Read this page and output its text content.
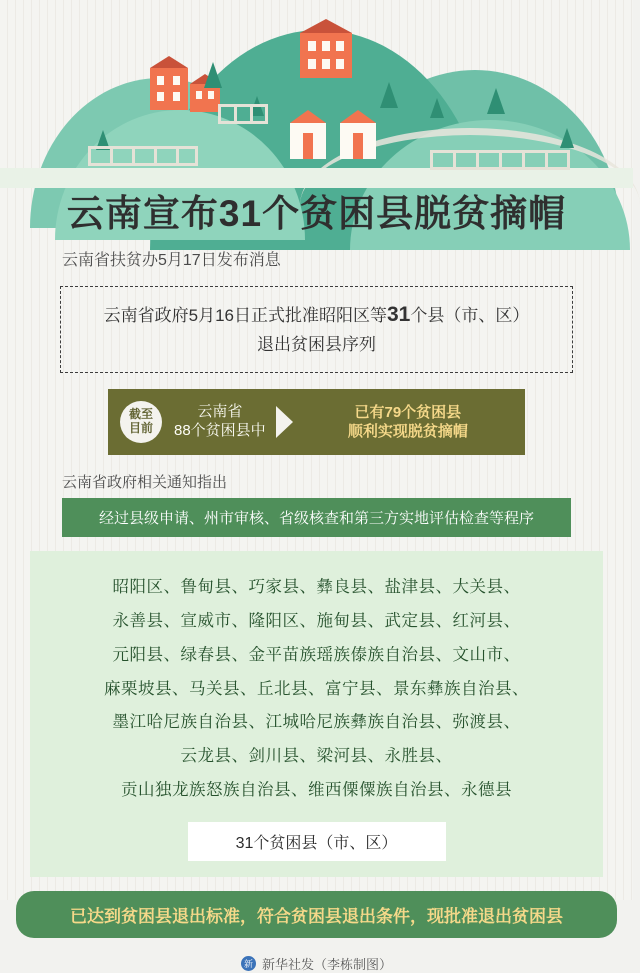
云南宣布31个贫困县脱贫摘帽
云南省扶贫办5月17日发布消息
云南省政府5月16日正式批准昭阳区等31个县（市、区）
退出贫困县序列
截至
目前
云南省
88个贫困县中
已有79个贫困县
顺利实现脱贫摘帽
云南省政府相关通知指出
经过县级申请、州市审核、省级核查和第三方实地评估检查等程序
昭阳区、鲁甸县、巧家县、彝良县、盐津县、大关县、
永善县、宣威市、隆阳区、施甸县、武定县、红河县、
元阳县、绿春县、金平苗族瑶族傣族自治县、文山市、
麻栗坡县、马关县、丘北县、富宁县、景东彝族自治县、
墨江哈尼族自治县、江城哈尼族彝族自治县、弥渡县、
云龙县、剑川县、梁河县、永胜县、
贡山独龙族怒族自治县、维西傈僳族自治县、永德县
31个贫困县（市、区）
已达到贫困县退出标准，符合贫困县退出条件，现批准退出贫困县
新 新华社发（李栋制图）
